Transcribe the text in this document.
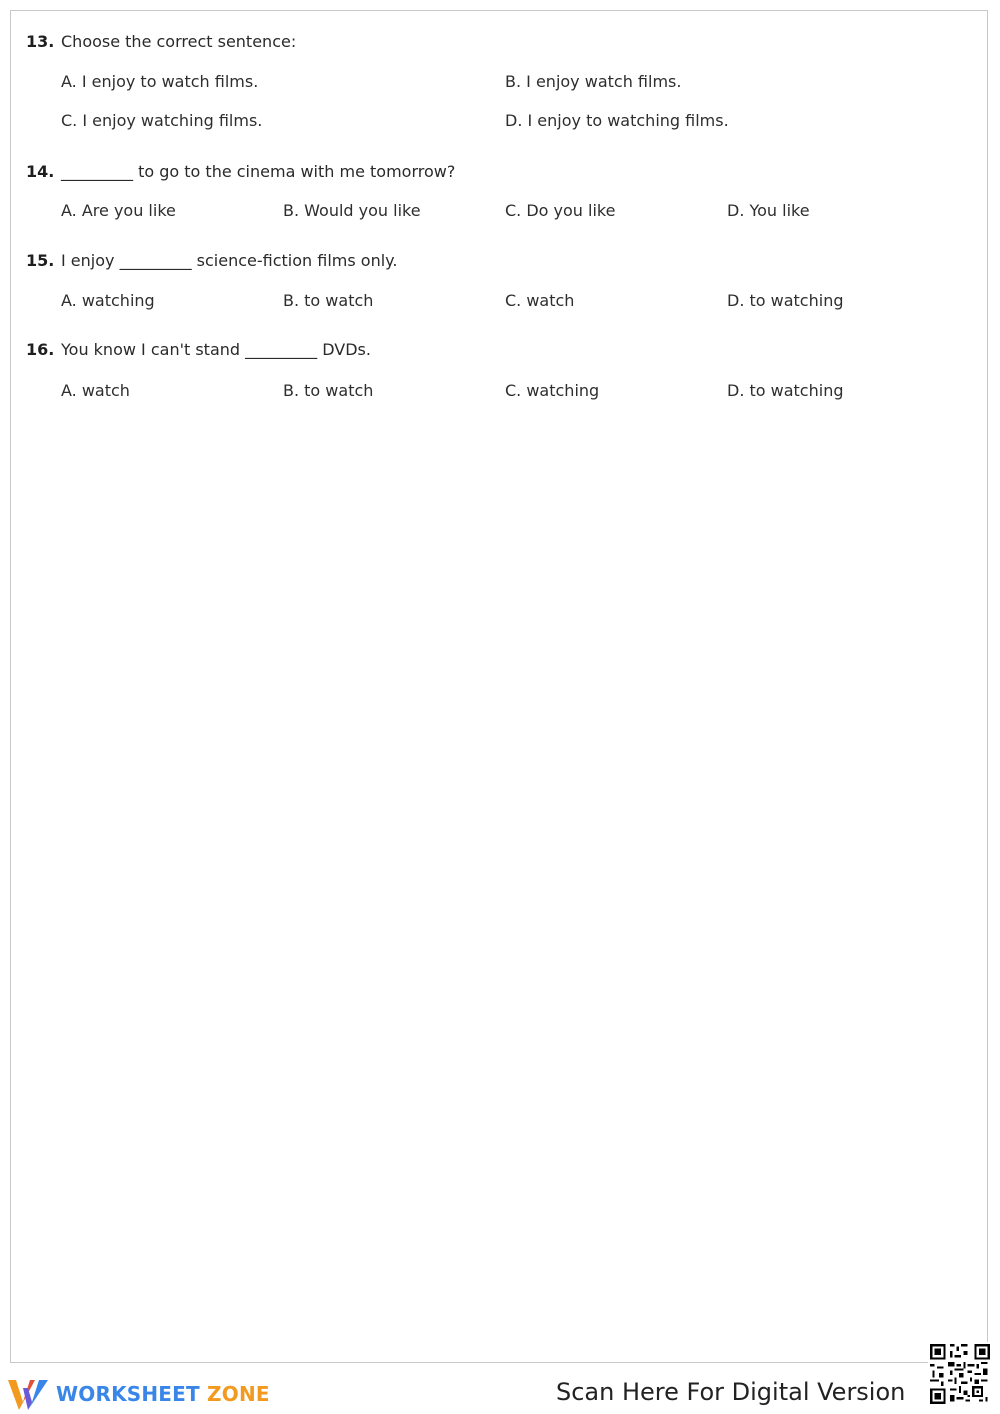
13. Choose the correct sentence:
A. I enjoy to watch films.	B. I enjoy watch films.
C. I enjoy watching films.	D. I enjoy to watching films.
14. _________ to go to the cinema with me tomorrow?
A. Are you like	B. Would you like	C. Do you like	D. You like
15. I enjoy _________ science-fiction films only.
A. watching	B. to watch	C. watch	D. to watching
16. You know I can't stand _________ DVDs.
A. watch	B. to watch	C. watching	D. to watching
WORKSHEET ZONE	Scan Here For Digital Version
